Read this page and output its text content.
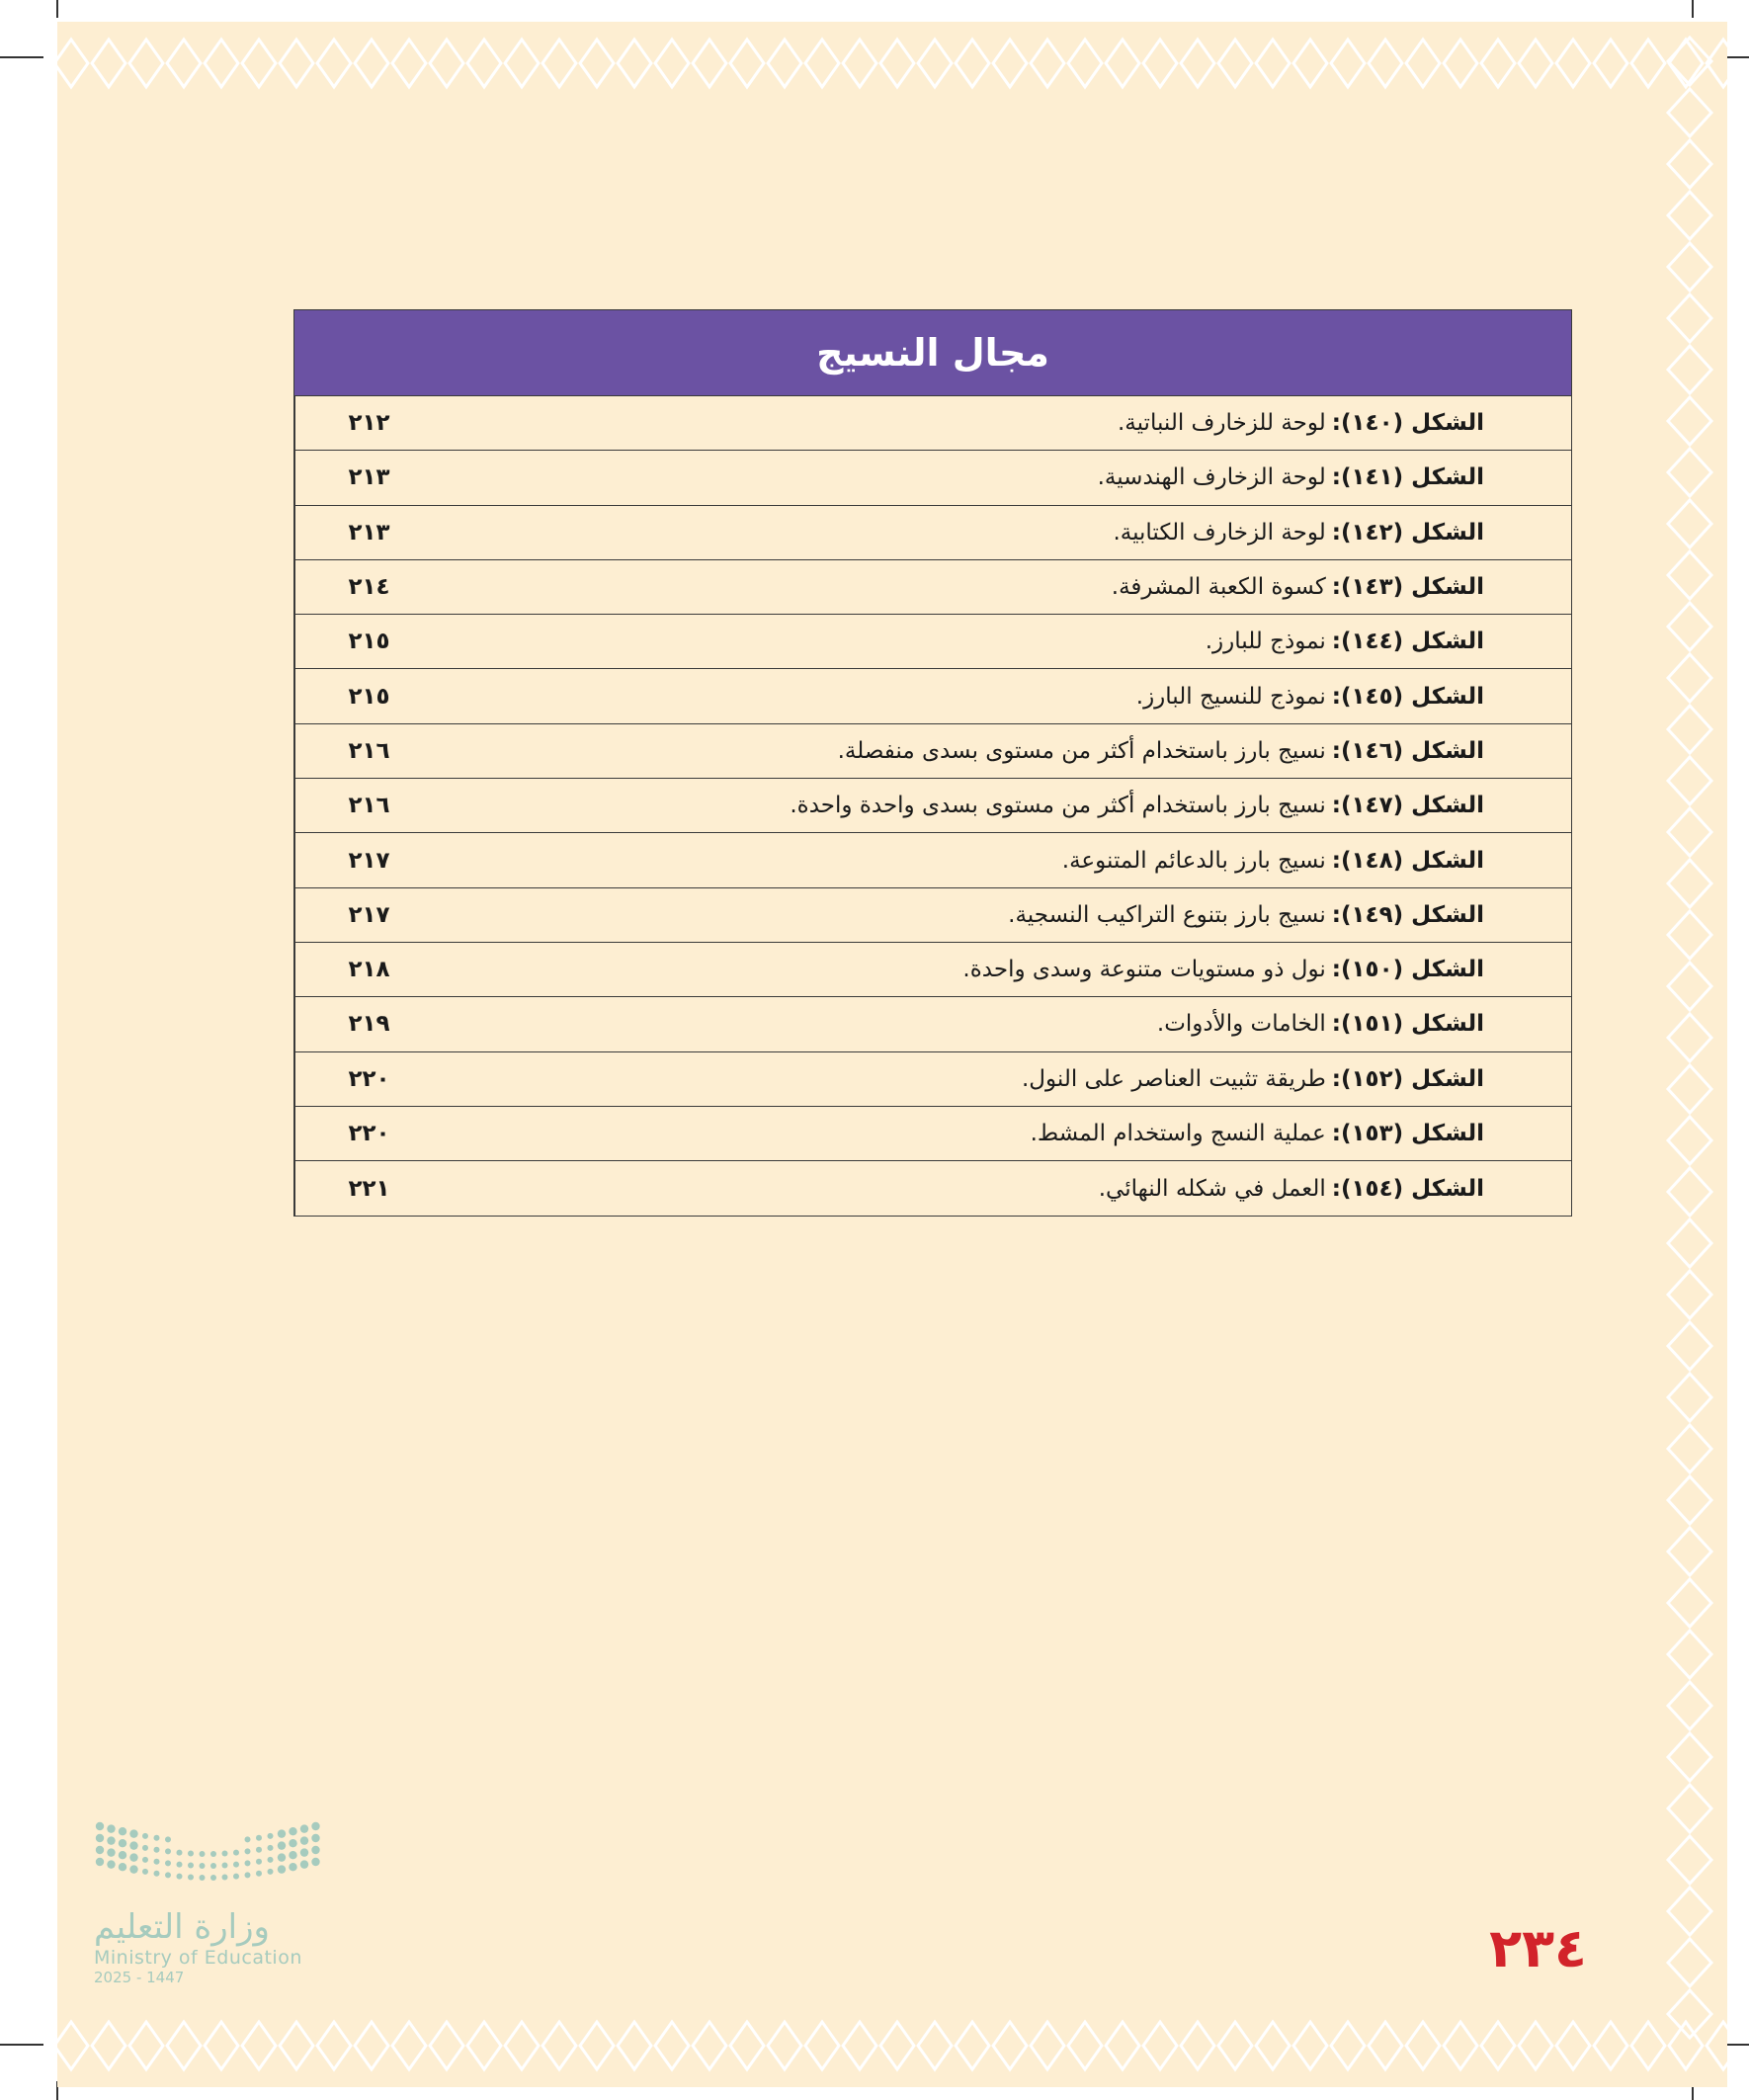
مجال النسيج
الشكل (١٤٠):
لوحة للزخارف النباتية.
٢١٢
الشكل (١٤١):
لوحة الزخارف الهندسية.
٢١٣
الشكل (١٤٢):
لوحة الزخارف الكتابية.
٢١٣
الشكل (١٤٣):
كسوة الكعبة المشرفة.
٢١٤
الشكل (١٤٤):
نموذج للبارز.
٢١٥
الشكل (١٤٥):
نموذج للنسيج البارز.
٢١٥
الشكل (١٤٦):
نسيج بارز باستخدام أكثر من مستوى بسدى منفصلة.
٢١٦
الشكل (١٤٧):
نسيج بارز باستخدام أكثر من مستوى بسدى واحدة واحدة.
٢١٦
الشكل (١٤٨):
نسيج بارز بالدعائم المتنوعة.
٢١٧
الشكل (١٤٩):
نسيج بارز بتنوع التراكيب النسجية.
٢١٧
الشكل (١٥٠):
نول ذو مستويات متنوعة وسدى واحدة.
٢١٨
الشكل (١٥١):
الخامات والأدوات.
٢١٩
الشكل (١٥٢):
طريقة تثبيت العناصر على النول.
٢٢٠
الشكل (١٥٣):
عملية النسج واستخدام المشط.
٢٢٠
الشكل (١٥٤):
العمل في شكله النهائي.
٢٢١
٢٣٤
وزارة التعليم
Ministry of Education
2025 - 1447
